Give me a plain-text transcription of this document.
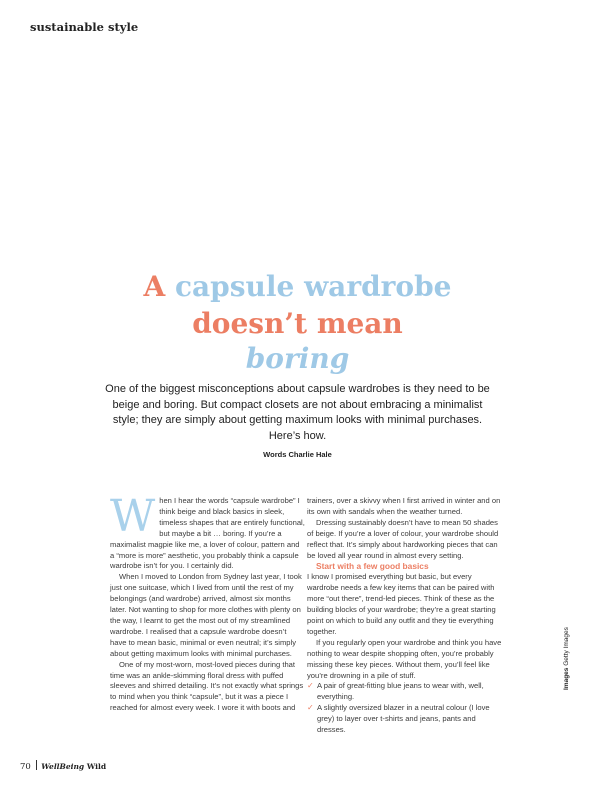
sustainable style
A capsule wardrobe
doesn’t mean
boring
One of the biggest misconceptions about capsule wardrobes is they need to be beige and boring. But compact closets are not about embracing a minimalist style; they are simply about getting maximum looks with minimal purchases. Here’s how.
Words Charlie Hale

When I hear the words “capsule wardrobe” I think beige and black basics in sleek, timeless shapes that are entirely functional, but maybe a bit … boring. If you’re a maximalist magpie like me, a lover of colour, pattern and a “more is more” aesthetic, you probably think a capsule wardrobe isn’t for you. I certainly did.

When I moved to London from Sydney last year, I took just one suitcase, which I lived from until the rest of my belongings (and wardrobe) arrived, almost six months later. Not wanting to shop for more clothes with plenty on the way, I learnt to get the most out of my streamlined wardrobe. I realised that a capsule wardrobe doesn’t have to mean basic, minimal or even neutral; it’s simply about getting maximum looks with minimal purchases.

One of my most-worn, most-loved pieces during that time was an ankle-skimming floral dress with puffed sleeves and shirred detailing. It’s not exactly what springs to mind when you think “capsule”, but it was a piece I reached for almost every week. I wore it with boots and

trainers, over a skivvy when I first arrived in winter and on its own with sandals when the weather turned.

Dressing sustainably doesn’t have to mean 50 shades of beige. If you’re a lover of colour, your wardrobe should reflect that. It’s simply about hardworking pieces that can be loved all year round in almost every setting.

Start with a few good basics

I know I promised everything but basic, but every wardrobe needs a few key items that can be paired with more “out there”, trend-led pieces. Think of these as the building blocks of your wardrobe; they’re a great starting point on which to build any outfit and they tie everything together.

If you regularly open your wardrobe and think you have nothing to wear despite shopping often, you’re probably missing these key pieces. Without them, you’ll feel like you’re drowning in a pile of stuff.

✓ A pair of great-fitting blue jeans to wear with, well, everything.

✓ A slightly oversized blazer in a neutral colour (I love grey) to layer over t-shirts and jeans, pants and dresses.

Images Getty Images
70 WellBeing Wild
